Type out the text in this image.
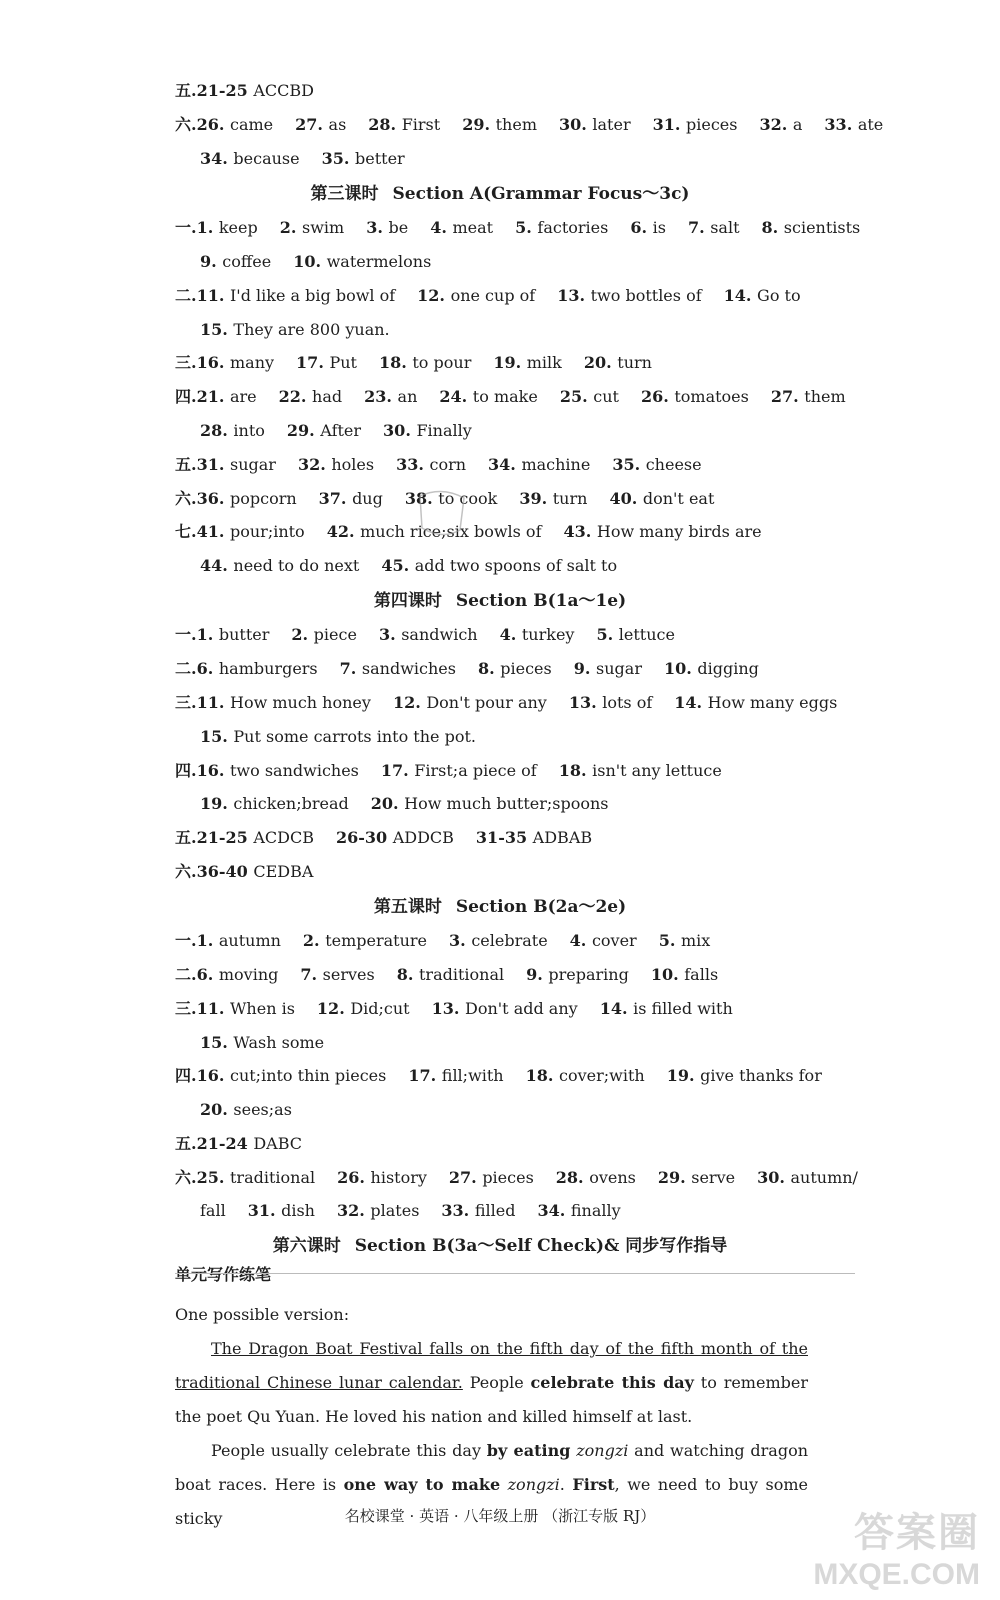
五.21-25 ACCBD
六.26. came 27. as 28. First 29. them 30. later 31. pieces 32. a 33. ate
34. because 35. better
一.1. keep 2. swim 3. be 4. meat 5. factories 6. is 7. salt 8. scientists
9. coffee 10. watermelons
二.11. I'd like a big bowl of 12. one cup of 13. two bottles of 14. Go to
15. They are 800 yuan.
三.16. many 17. Put 18. to pour 19. milk 20. turn
四.21. are 22. had 23. an 24. to make 25. cut 26. tomatoes 27. them
28. into 29. After 30. Finally
五.31. sugar 32. holes 33. corn 34. machine 35. cheese
六.36. popcorn 37. dug 38. to cook 39. turn 40. don't eat
七.41. pour;into 42. much rice;six bowls of 43. How many birds are
44. need to do next 45. add two spoons of salt to
一.1. butter 2. piece 3. sandwich 4. turkey 5. lettuce
二.6. hamburgers 7. sandwiches 8. pieces 9. sugar 10. digging
三.11. How much honey 12. Don't pour any 13. lots of 14. How many eggs
15. Put some carrots into the pot.
四.16. two sandwiches 17. First;a piece of 18. isn't any lettuce
19. chicken;bread 20. How much butter;spoons
五.21-25 ACDCB 26-30 ADDCB 31-35 ADBAB
六.36-40 CEDBA
一.1. autumn 2. temperature 3. celebrate 4. cover 5. mix
二.6. moving 7. serves 8. traditional 9. preparing 10. falls
三.11. When is 12. Did;cut 13. Don't add any 14. is filled with
15. Wash some
四.16. cut;into thin pieces 17. fill;with 18. cover;with 19. give thanks for
20. sees;as
五.21-24 DABC
六.25. traditional 26. history 27. pieces 28. ovens 29. serve 30. autumn/
fall 31. dish 32. plates 33. filled 34. finally
第三课时 Section A(Grammar Focus～3c)
第四课时 Section B(1a～1e)
第五课时 Section B(2a～2e)
第六课时 Section B(3a～Self Check)& 同步写作指导
单元写作练笔
One possible version:
The Dragon Boat Festival falls on the fifth day of the fifth month of the traditional Chinese lunar calendar. People celebrate this day to remember the poet Qu Yuan. He loved his nation and killed himself at last.
People usually celebrate this day by eating zongzi and watching dragon boat races. Here is one way to make zongzi. First, we need to buy some sticky	名校课堂 · 英语 · 八年级上册 （浙江专版 RJ）	答案圈
MXQE.COM
